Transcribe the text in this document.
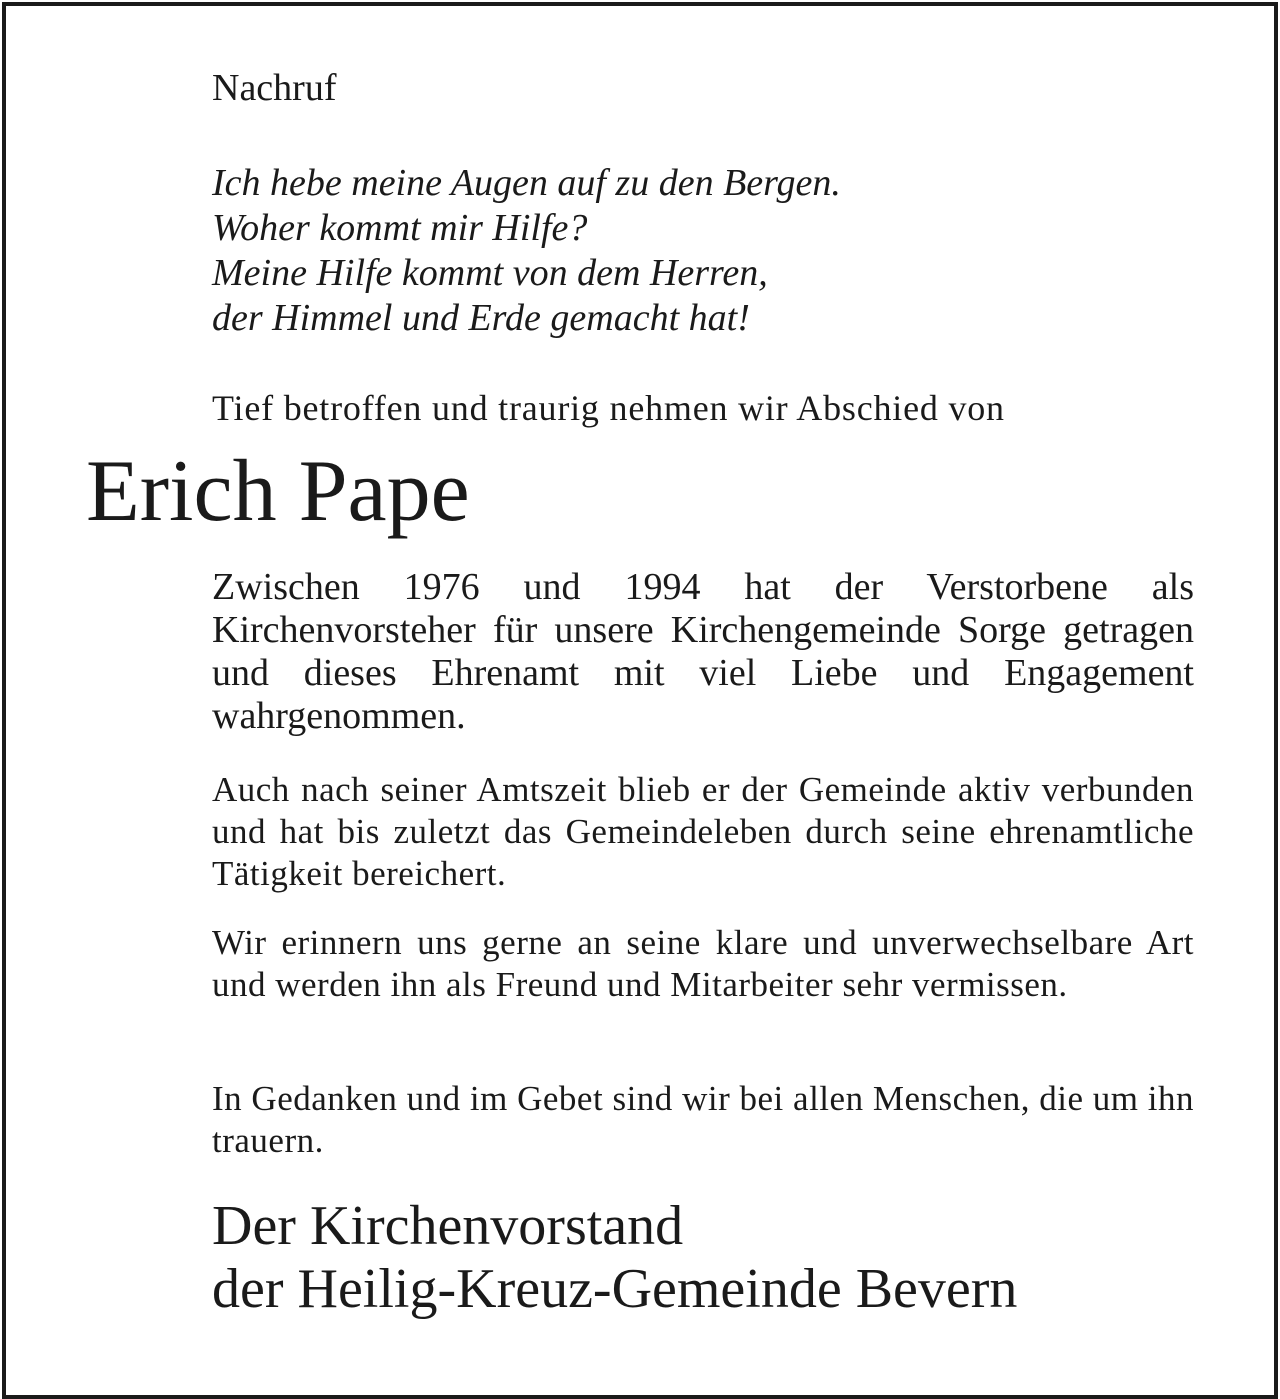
Nachruf
Ich hebe meine Augen auf zu den Bergen.
Woher kommt mir Hilfe?
Meine Hilfe kommt von dem Herren,
der Himmel und Erde gemacht hat!
Tief betroffen und traurig nehmen wir Abschied von
Erich Pape

Zwischen 1976 und 1994 hat der Verstorbene als Kirchenvorsteher für unsere Kirchengemeinde Sorge getragen und dieses Ehrenamt mit viel Liebe und Engagement wahrgenommen.

Auch nach seiner Amtszeit blieb er der Gemeinde aktiv verbunden und hat bis zuletzt das Gemeindeleben durch seine ehrenamtliche Tätigkeit bereichert.

Wir erinnern uns gerne an seine klare und unverwechselbare Art und werden ihn als Freund und Mitarbeiter sehr vermissen.

In Gedanken und im Gebet sind wir bei allen Menschen, die um ihn trauern.

Der Kirchenvorstand
der Heilig-Kreuz-Gemeinde Bevern
